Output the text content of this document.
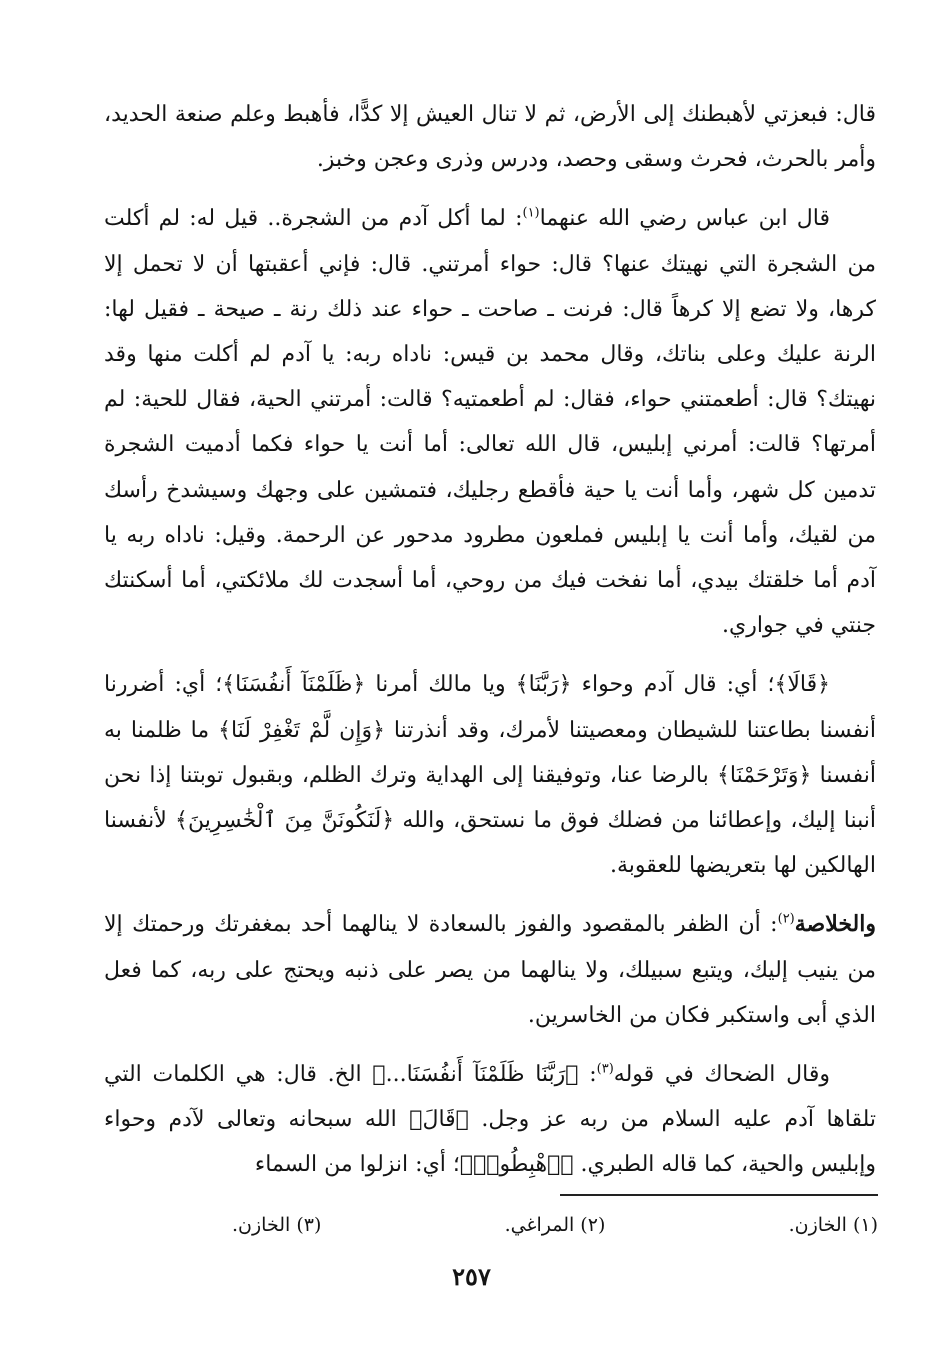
قال: فبعزتي لأهبطنك إلى الأرض، ثم لا تنال العيش إلا كدًّا، فأهبط وعلم صنعة الحديد، وأمر بالحرث، فحرث وسقى وحصد، ودرس وذرى وعجن وخبز.

قال ابن عباس رضي الله عنهما$^{(١)}$: لما أكل آدم من الشجرة.. قيل له: لم أكلت من الشجرة التي نهيتك عنها؟ قال: حواء أمرتني. قال: فإني أعقبتها أن لا تحمل إلا كرها، ولا تضع إلا كرهاً قال: فرنت ـ صاحت ـ حواء عند ذلك رنة ـ صيحة ـ فقيل لها: الرنة عليك وعلى بناتك، وقال محمد بن قيس: ناداه ربه: يا آدم لم أكلت منها وقد نهيتك؟ قال: أطعمتني حواء، فقال: لم أطعمتيه؟ قالت: أمرتني الحية، فقال للحية: لم أمرتها؟ قالت: أمرني إبليس، قال الله تعالى: أما أنت يا حواء فكما أدميت الشجرة تدمين كل شهر، وأما أنت يا حية فأقطع رجليك، فتمشين على وجهك وسيشدخ رأسك من لقيك، وأما أنت يا إبليس فملعون مطرود مدحور عن الرحمة. وقيل: ناداه ربه يا آدم أما خلقتك بيدي، أما نفخت فيك من روحي، أما أسجدت لك ملائكتي، أما أسكنتك جنتي في جواري.

﴿قَالَا﴾؛ أي: قال آدم وحواء ﴿رَبَّنَا﴾ ويا مالك أمرنا ﴿ظَلَمْنَآ أَنفُسَنَا﴾؛ أي: أضررنا أنفسنا بطاعتنا للشيطان ومعصيتنا لأمرك، وقد أنذرتنا ﴿وَإِن لَّمْ تَغْفِرْ لَنَا﴾ ما ظلمنا به أنفسنا ﴿وَتَرْحَمْنَا﴾ بالرضا عنا، وتوفيقنا إلى الهداية وترك الظلم، وبقبول توبتنا إذا نحن أنبنا إليك، وإعطائنا من فضلك فوق ما نستحق، والله ﴿لَنَكُونَنَّ مِنَ ٱلْخَٰسِرِينَ﴾ لأنفسنا الهالكين لها بتعريضها للعقوبة.

والخلاصة$^{(٢)}$: أن الظفر بالمقصود والفوز بالسعادة لا ينالهما أحد بمغفرتك ورحمتك إلا من ينيب إليك، ويتبع سبيلك، ولا ينالهما من يصر على ذنبه ويحتج على ربه، كما فعل الذي أبى واستكبر فكان من الخاسرين.

وقال الضحاك في قوله$^{(٣)}$: ﴿رَبَّنَا ظَلَمْنَآ أَنفُسَنَا...﴾ الخ. قال: هي الكلمات التي تلقاها آدم عليه السلام من ربه عز وجل. ﴿قَالَ﴾ الله سبحانه وتعالى لآدم وحواء وإبليس والحية، كما قاله الطبري. ﴿ٱهْبِطُوا۟﴾؛ أي: انزلوا من السماء

(١) الخازن.
(٢) المراغي.
(٣) الخازن.
٢٥٧
